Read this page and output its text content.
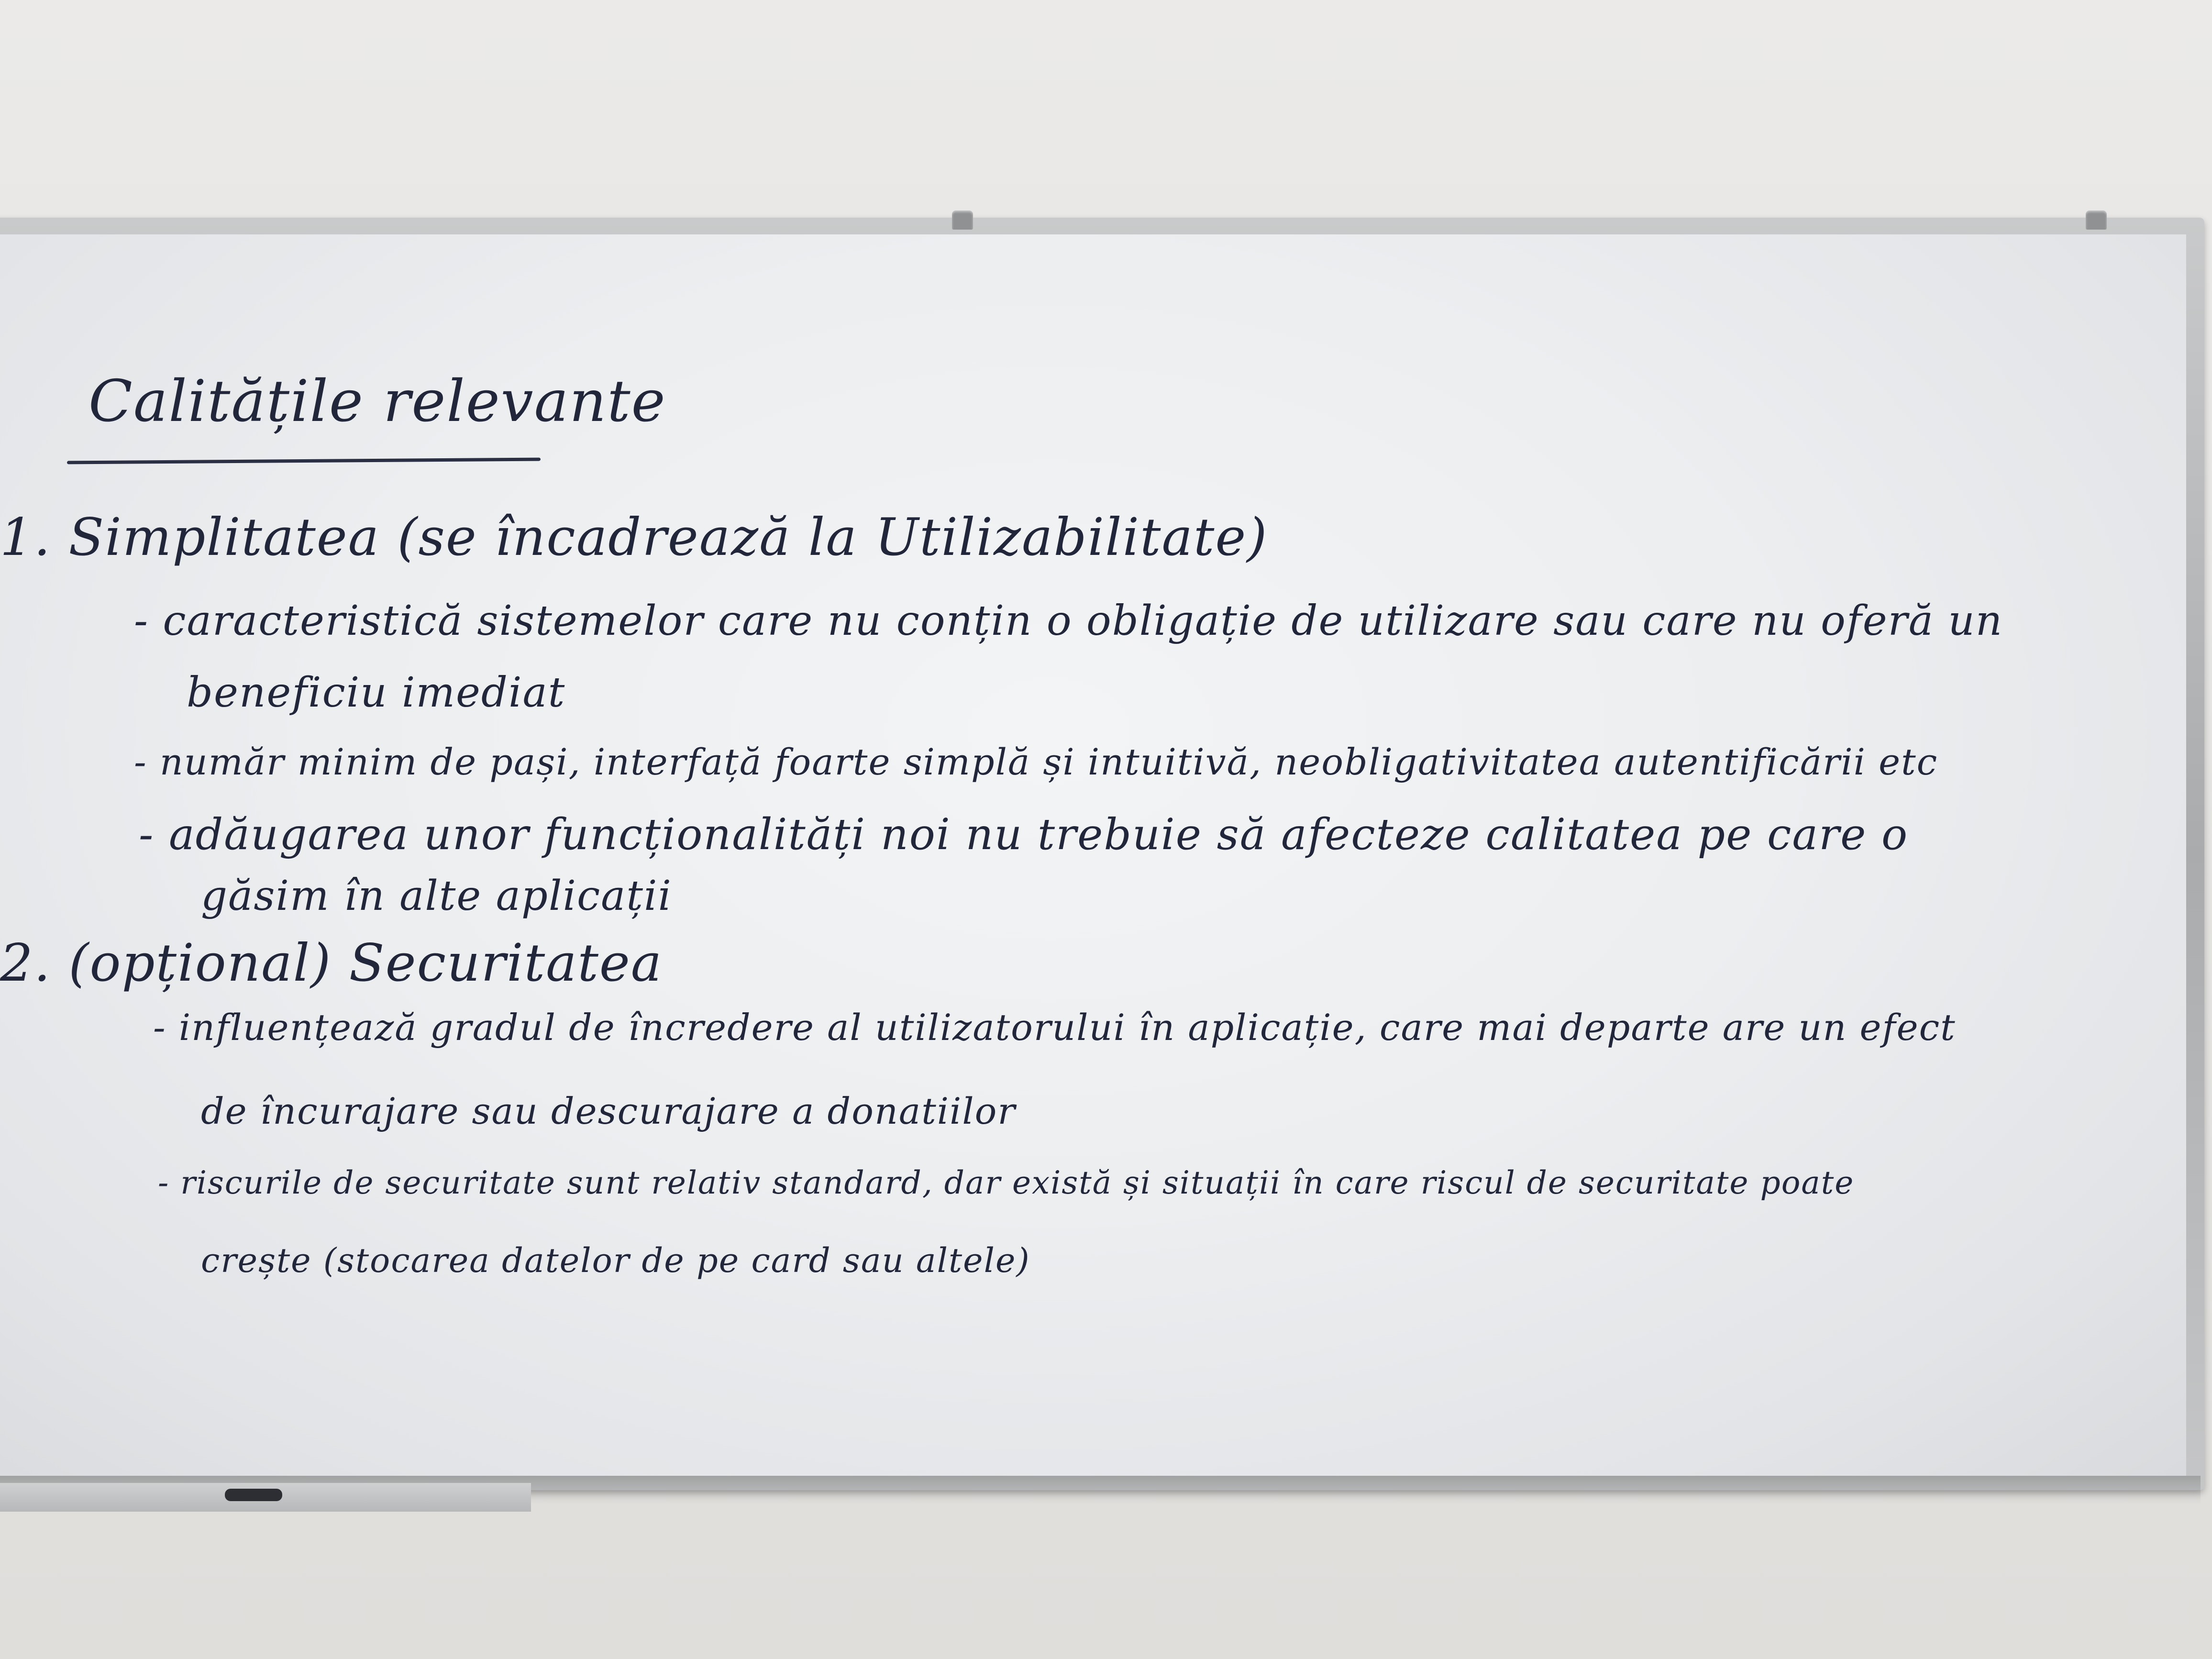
Calitățile relevante

1. Simplitatea (se încadrează la Utilizabilitate)

- caracteristică sistemelor care nu conțin o obligație de utilizare sau care nu oferă un

beneficiu imediat

- număr minim de pași, interfață foarte simplă și intuitivă, neobligativitatea autentificării etc

- adăugarea unor funcționalități noi nu trebuie să afecteze calitatea pe care o

găsim în alte aplicații

2. (opțional) Securitatea

- influențează gradul de încredere al utilizatorului în aplicație, care mai departe are un efect

de încurajare sau descurajare a donatiilor

- riscurile de securitate sunt relativ standard, dar există și situații în care riscul de securitate poate

crește (stocarea datelor de pe card sau altele)
